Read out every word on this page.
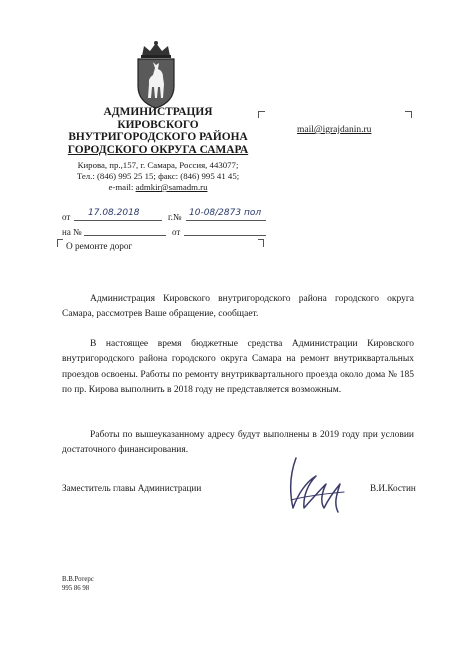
АДМИНИСТРАЦИЯ
КИРОВСКОГО
ВНУТРИГОРОДСКОГО РАЙОНА
ГОРОДСКОГО ОКРУГА САМАРА
Кирова, пр.,157, г. Самара, Россия, 443077;
Тел.: (846) 995 25 15; факс: (846) 995 41 45;
e-mail: admkir@samadm.ru
mail@igrajdanin.ru
от 17.08.2018	г.№ 10-08/2873 пол
на №	от
О ремонте дорог

Администрация Кировского внутригородского района городского округа Самара, рассмотрев Ваше обращение, сообщает.

В настоящее время бюджетные средства Администрации Кировского внутригородского района городского округа Самара на ремонт внутриквартальных проездов освоены. Работы по ремонту внутриквартального проезда около дома № 185 по пр. Кирова выполнить в 2018 году не представляется возможным.

Работы по вышеуказанному адресу будут выполнены в 2019 году при условии достаточного финансирования.

Заместитель главы Администрации	В.И.Костин
В.В.Ротерс
995 86 98
